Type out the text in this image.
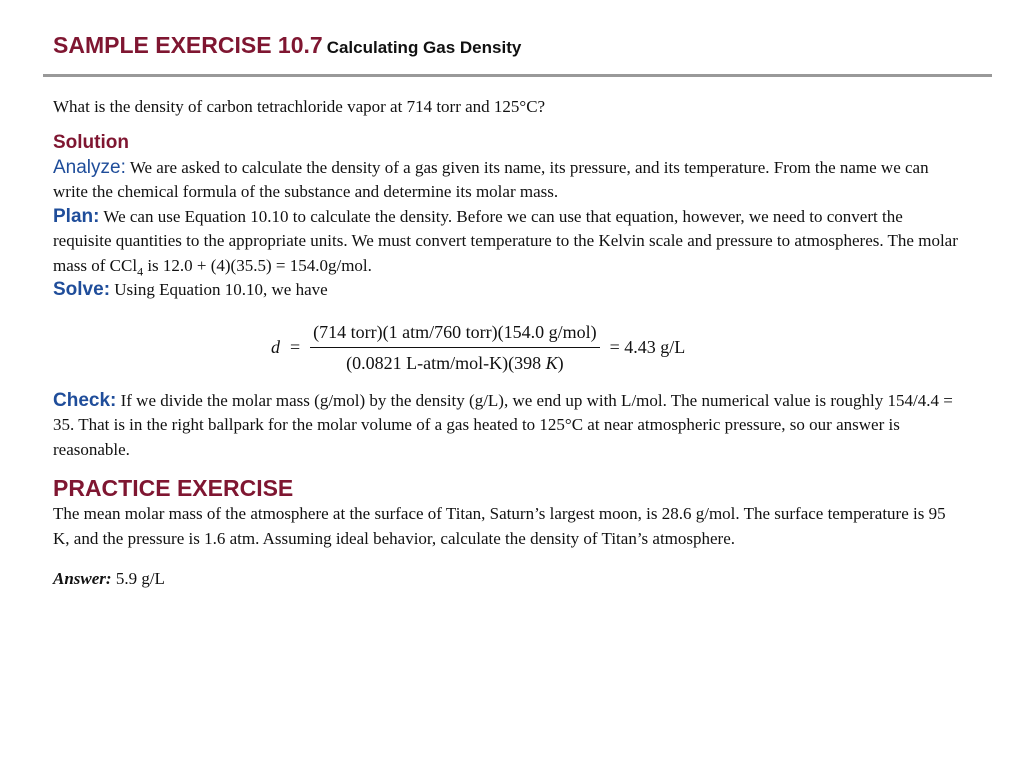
SAMPLE EXERCISE 10.7 Calculating Gas Density

What is the density of carbon tetrachloride vapor at 714 torr and 125°C?

Solution

Analyze: We are asked to calculate the density of a gas given its name, its pressure, and its temperature. From the name we can write the chemical formula of the substance and determine its molar mass.

Plan: We can use Equation 10.10 to calculate the density. Before we can use that equation, however, we need to convert the requisite quantities to the appropriate units. We must convert temperature to the Kelvin scale and pressure to atmospheres. The molar mass of CCl$_4$ is 12.0 + (4)(35.5) = 154.0g/mol.

Solve: Using Equation 10.10, we have

$d = \frac{\text{(714 torr)(1 atm/760 torr)(154.0 g/mol)}}{\text{(0.0821 L-atm/mol-K)(398 K)}} = 4.43$ g/L

Check: If we divide the molar mass (g/mol) by the density (g/L), we end up with L/mol. The numerical value is roughly 154/4.4 = 35. That is in the right ballpark for the molar volume of a gas heated to 125°C at near atmospheric pressure, so our answer is reasonable.

PRACTICE EXERCISE

The mean molar mass of the atmosphere at the surface of Titan, Saturn’s largest moon, is 28.6 g/mol. The surface temperature is 95 K, and the pressure is 1.6 atm. Assuming ideal behavior, calculate the density of Titan’s atmosphere.

Answer: 5.9 g/L
